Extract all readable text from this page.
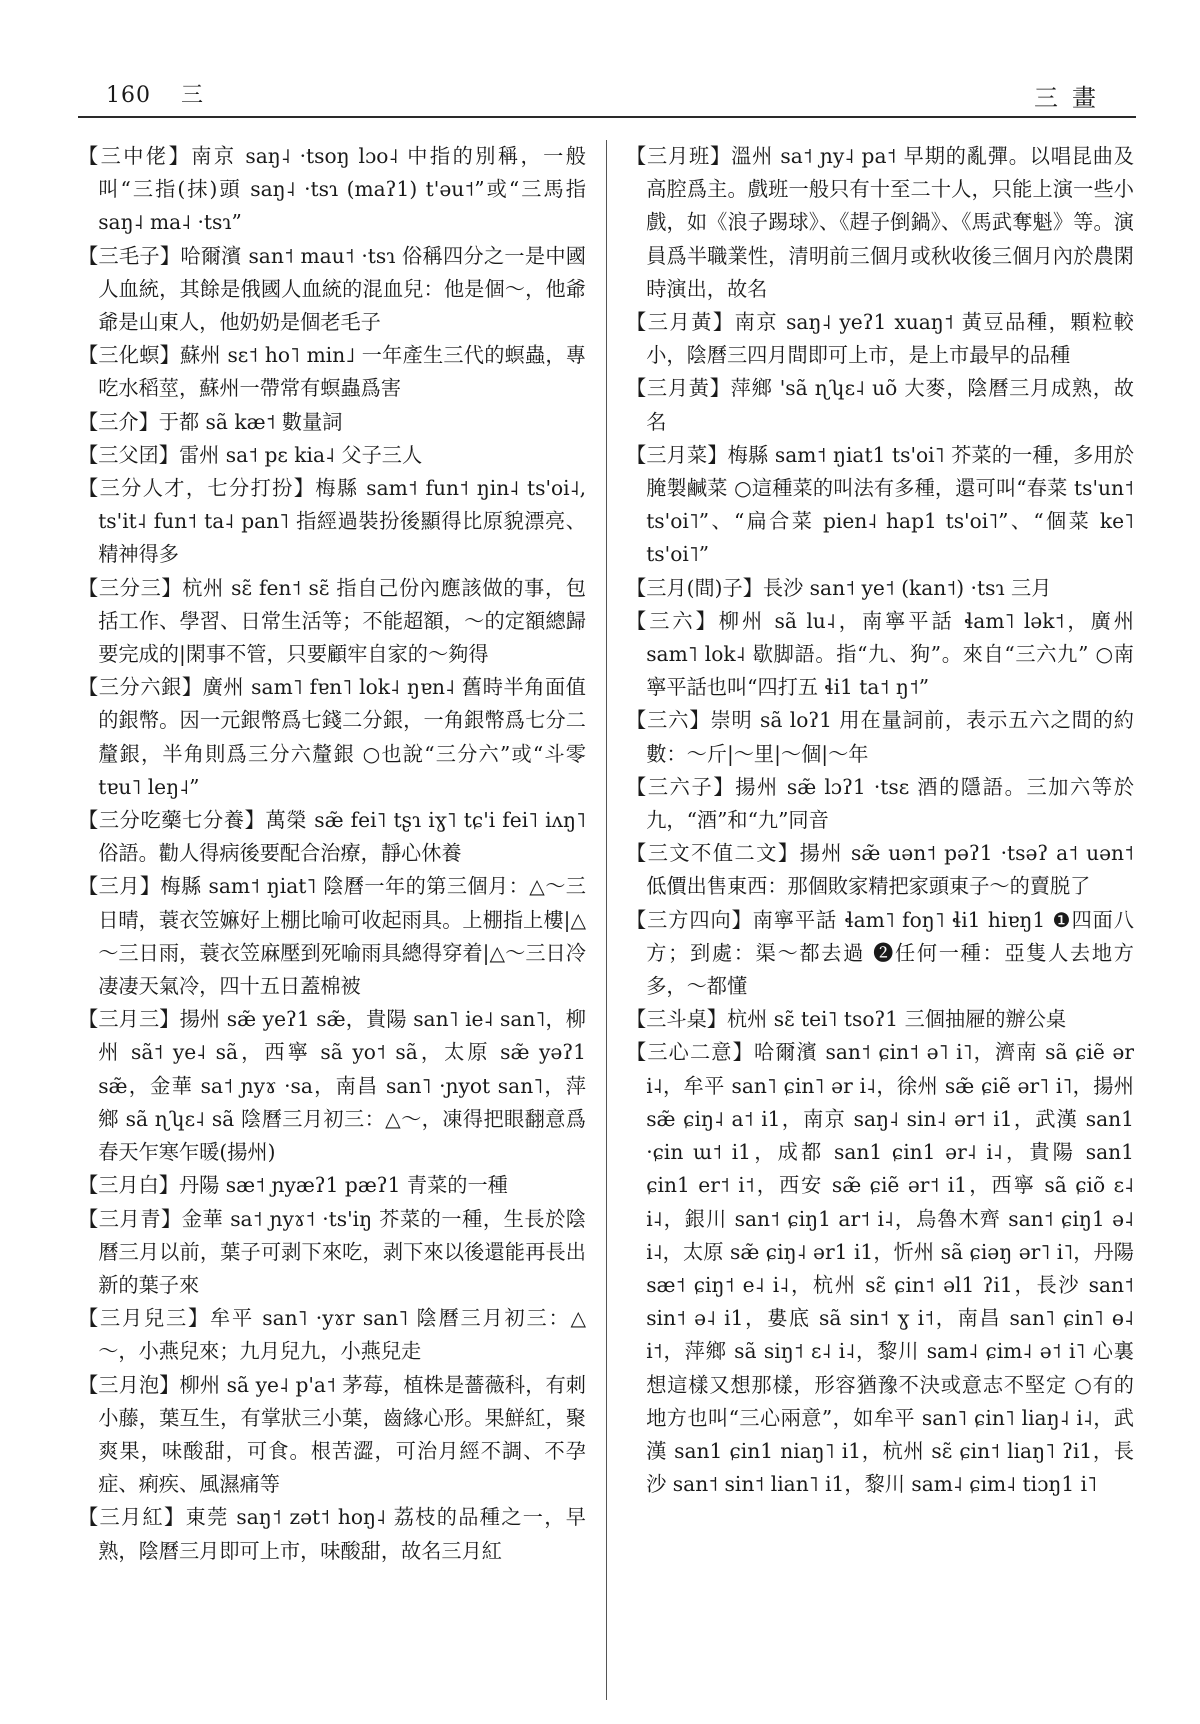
160 三	三畫

【三中佬】南京 saŋ˨ ·tsoŋ lɔo˨ 中指的別稱，一般叫“三指(抹)頭 saŋ˨ ·tsɿ (maʔ1) t'əu˦”或“三馬指 saŋ˨ ma˨ ·tsɿ”

【三毛子】哈爾濱 san˦ mau˦ ·tsɿ 俗稱四分之一是中國人血統，其餘是俄國人血統的混血兒：他是個～，他爺爺是山東人，他奶奶是個老毛子

【三化螟】蘇州 sɛ˦ ho˥ min˩ 一年產生三代的螟蟲，專吃水稻莖，蘇州一帶常有螟蟲爲害

【三介】于都 sã kæ˦ 數量詞

【三父囝】雷州 sa˦ pɛ kia˨ 父子三人

【三分人才，七分打扮】梅縣 sam˦ fun˦ ŋin˨ ts'oi˨, ts'it˨ fun˦ ta˨ pan˥ 指經過裝扮後顯得比原貌漂亮、精神得多

【三分三】杭州 sɛ̃ fen˦ sɛ̃ 指自己份內應該做的事，包括工作、學習、日常生活等；不能超額，～的定額總歸要完成的|閑事不管，只要顧牢自家的～夠得

【三分六銀】廣州 sam˥ fɐn˥ lok˨ ŋɐn˨ 舊時半角面值的銀幣。因一元銀幣爲七錢二分銀，一角銀幣爲七分二釐銀，半角則爲三分六釐銀 ○也說“三分六”或“斗零 tɐu˥ leŋ˨”

【三分吃藥七分養】萬榮 sæ̃ fei˥ tʂɿ iɣ˥ tɕ'i fei˥ iʌŋ˥ 俗語。勸人得病後要配合治療，靜心休養

【三月】梅縣 sam˦ ŋiat˥ 陰曆一年的第三個月：△～三日晴，蓑衣笠嫲好上棚比喻可收起雨具。上棚指上樓|△～三日雨，蓑衣笠麻壓到死喻雨具總得穿着|△～三日冷凄凄天氣冷，四十五日蓋棉被

【三月三】揚州 sæ̃ yeʔ1 sæ̃，貴陽 san˥ ie˨ san˥，柳州 sã˦ ye˨ sã，西寧 sã yo˦ sã，太原 sæ̃ yəʔ1 sæ̃，金華 sa˦ ɲyɤ ·sa，南昌 san˥ ·ɲyot san˥，萍鄉 sã ɳʮɛ˨ sã 陰曆三月初三：△～，凍得把眼翻意爲春天乍寒乍暖(揚州)

【三月白】丹陽 sæ˦ ɲyæʔ1 pæʔ1 青菜的一種

【三月青】金華 sa˦ ɲyɤ˦ ·ts'iŋ 芥菜的一種，生長於陰曆三月以前，葉子可剥下來吃，剥下來以後還能再長出新的葉子來

【三月兒三】牟平 san˥ ·yɤr san˥ 陰曆三月初三：△～，小燕兒來；九月兒九，小燕兒走

【三月泡】柳州 sã ye˨ p'a˦ 茅莓，植株是薔薇科，有刺小藤，葉互生，有掌狀三小葉，齒緣心形。果鮮紅，聚爽果，味酸甜，可食。根苦澀，可治月經不調、不孕症、痢疾、風濕痛等

【三月紅】東莞 saŋ˦ zət˦ hoŋ˨ 荔枝的品種之一，早熟，陰曆三月即可上市，味酸甜，故名三月紅

【三月班】溫州 sa˦ ɲy˨ pa˦ 早期的亂彈。以唱昆曲及高腔爲主。戲班一般只有十至二十人，只能上演一些小戲，如《浪子踢球》、《趕子倒鍋》、《馬武奪魁》等。演員爲半職業性，清明前三個月或秋收後三個月內於農閑時演出，故名

【三月黃】南京 saŋ˨ yeʔ1 xuaŋ˦ 黃豆品種，顆粒較小，陰曆三四月間即可上市，是上市最早的品種

【三月黃】萍鄉 'sã ɳʮɛ˨ uõ 大麥，陰曆三月成熟，故名

【三月菜】梅縣 sam˦ ŋiat1 ts'oi˥ 芥菜的一種，多用於腌製鹹菜 ○這種菜的叫法有多種，還可叫“春菜 ts'un˦ ts'oi˥”、“扁合菜 pien˨ hap1 ts'oi˥”、“個菜 ke˥ ts'oi˥”

【三月(間)子】長沙 san˦ ye˦ (kan˦) ·tsɿ 三月

【三六】柳州 sã lu˨，南寧平話 ɬam˥ lək˦，廣州 sam˥ lok˨ 歇脚語。指“九、狗”。來自“三六九” ○南寧平話也叫“四打五 ɬi1 ta˦ ŋ˦”

【三六】崇明 sã loʔ1 用在量詞前，表示五六之間的約數：～斤|～里|～個|～年

【三六子】揚州 sæ̃ lɔʔ1 ·tsɛ 酒的隱語。三加六等於九，“酒”和“九”同音

【三文不值二文】揚州 sæ̃ uən˦ pəʔ1 ·tsəʔ a˦ uən˦ 低價出售東西：那個敗家精把家頭東子～的賣脱了

【三方四向】南寧平話 ɬam˥ foŋ˥ ɬi1 hiɐŋ1 ❶四面八方；到處：渠～都去過 ❷任何一種：亞隻人去地方多，～都懂

【三斗桌】杭州 sɛ̃ tei˥ tsoʔ1 三個抽屜的辦公桌

【三心二意】哈爾濱 san˦ ɕin˦ ə˥ i˥，濟南 sã ɕiẽ ər i˨，牟平 san˥ ɕin˥ ər i˨，徐州 sæ̃ ɕiẽ ər˥ i˥，揚州 sæ̃ ɕiŋ˨ a˦ i1，南京 saŋ˨ sin˨ ər˦ i1，武漢 san1 ·ɕin ɯ˦ i1，成都 san1 ɕin1 ər˨ i˨，貴陽 san1 ɕin1 er˦ i˦，西安 sæ̃ ɕiẽ ər˦ i1，西寧 sã ɕiõ ɛ˨ i˨，銀川 san˦ ɕiŋ1 ar˦ i˨，烏魯木齊 san˦ ɕiŋ1 ə˨ i˨，太原 sæ̃ ɕiŋ˨ ər1 i1，忻州 sã ɕiəŋ ər˥ i˥，丹陽 sæ˦ ɕiŋ˦ e˨ i˨，杭州 sɛ̃ ɕin˦ əl1 ʔi1，長沙 san˦ sin˦ ə˨ i1，婁底 sã sin˦ ɣ i˦，南昌 san˥ ɕin˥ ɵ˨ i˦，萍鄉 sã siŋ˦ ɛ˨ i˨，黎川 sam˨ ɕim˨ ə˦ i˥ 心裏想這樣又想那樣，形容猶豫不決或意志不堅定 ○有的地方也叫“三心兩意”，如牟平 san˥ ɕin˥ liaŋ˨ i˨，武漢 san1 ɕin1 niaŋ˥ i1，杭州 sɛ̃ ɕin˦ liaŋ˥ ʔi1，長沙 san˦ sin˦ lian˥ i1，黎川 sam˨ ɕim˨ tiɔŋ1 i˥
